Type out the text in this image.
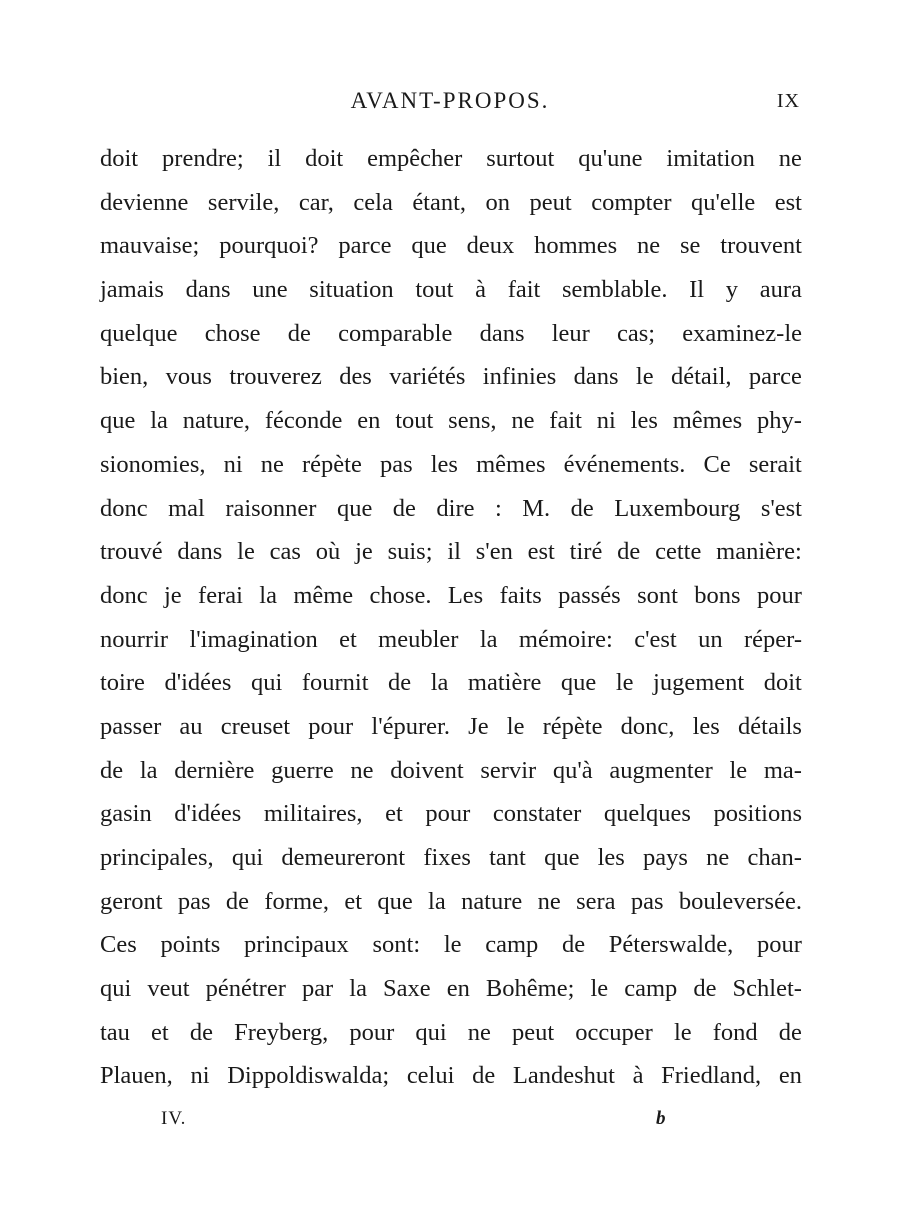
AVANT-PROPOS.	IX
doit prendre; il doit empêcher surtout qu'une imitation ne
devienne servile, car, cela étant, on peut compter qu'elle est
mauvaise; pourquoi? parce que deux hommes ne se trouvent
jamais dans une situation tout à fait semblable. Il y aura
quelque chose de comparable dans leur cas; examinez-le
bien, vous trouverez des variétés infinies dans le détail, parce
que la nature, féconde en tout sens, ne fait ni les mêmes phy-
sionomies, ni ne répète pas les mêmes événements. Ce serait
donc mal raisonner que de dire : M. de Luxembourg s'est
trouvé dans le cas où je suis; il s'en est tiré de cette manière:
donc je ferai la même chose. Les faits passés sont bons pour
nourrir l'imagination et meubler la mémoire: c'est un réper-
toire d'idées qui fournit de la matière que le jugement doit
passer au creuset pour l'épurer. Je le répète donc, les détails
de la dernière guerre ne doivent servir qu'à augmenter le ma-
gasin d'idées militaires, et pour constater quelques positions
principales, qui demeureront fixes tant que les pays ne chan-
geront pas de forme, et que la nature ne sera pas bouleversée.
Ces points principaux sont: le camp de Péterswalde, pour
qui veut pénétrer par la Saxe en Bohême; le camp de Schlet-
tau et de Freyberg, pour qui ne peut occuper le fond de
Plauen, ni Dippoldiswalda; celui de Landeshut à Friedland, en
IV.	b
